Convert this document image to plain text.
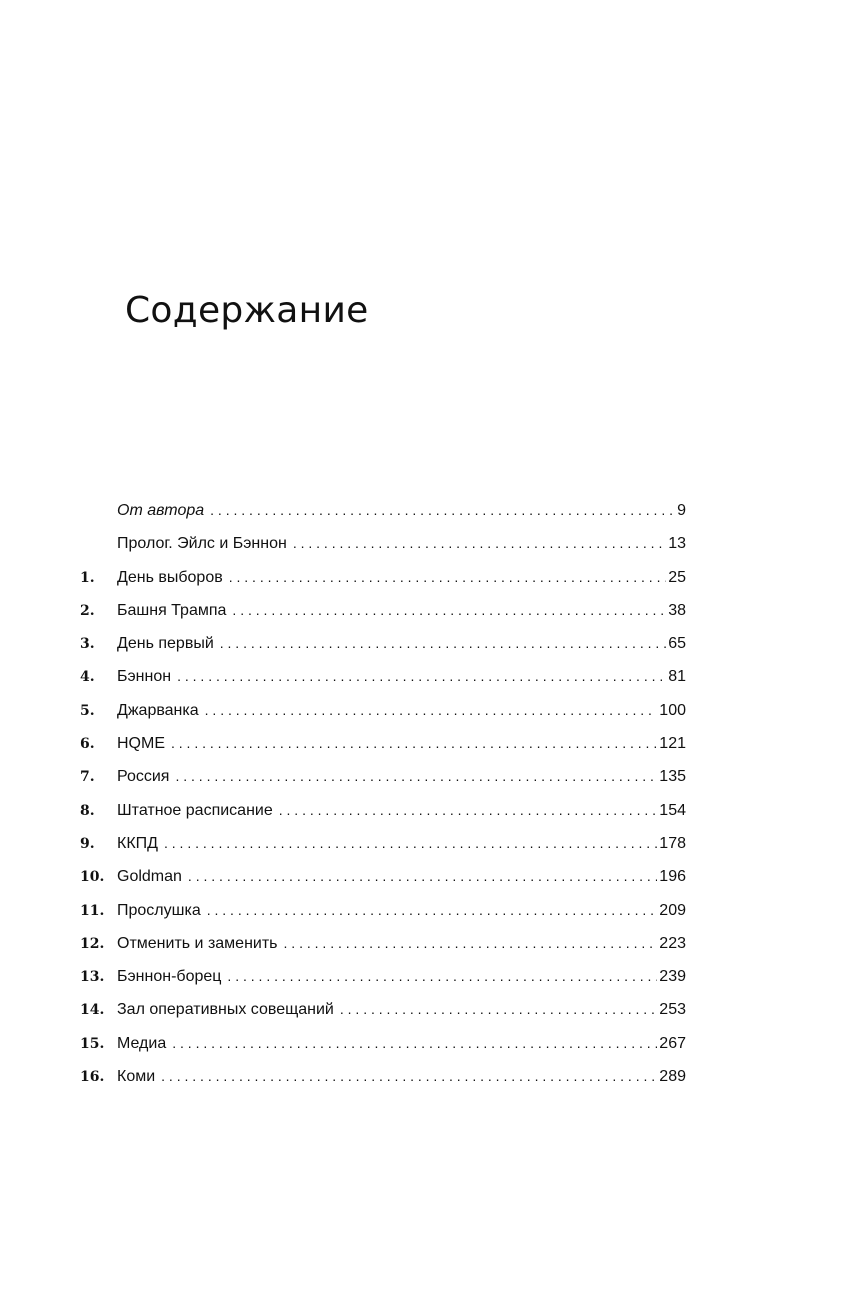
Содержание
От автора . . .	9
Пролог. Эйлс и Бэннон . . .	13
1.	День выборов . . .	25
2.	Башня Трампа . . .	38
3.	День первый . . .	65
4.	Бэннон . . .	81
5.	Джарванка . . .	100
6.	HQME . . .	121
7.	Россия . . .	135
8.	Штатное расписание . . .	154
9.	ККПД . . .	178
10. Goldman . . .	196
11. Прослушка . . .	209
12. Отменить и заменить . . .	223
13. Бэннон-борец . . .	239
14. Зал оперативных совещаний . . .	253
15. Медиа . . .	267
16. Коми . . .	289
